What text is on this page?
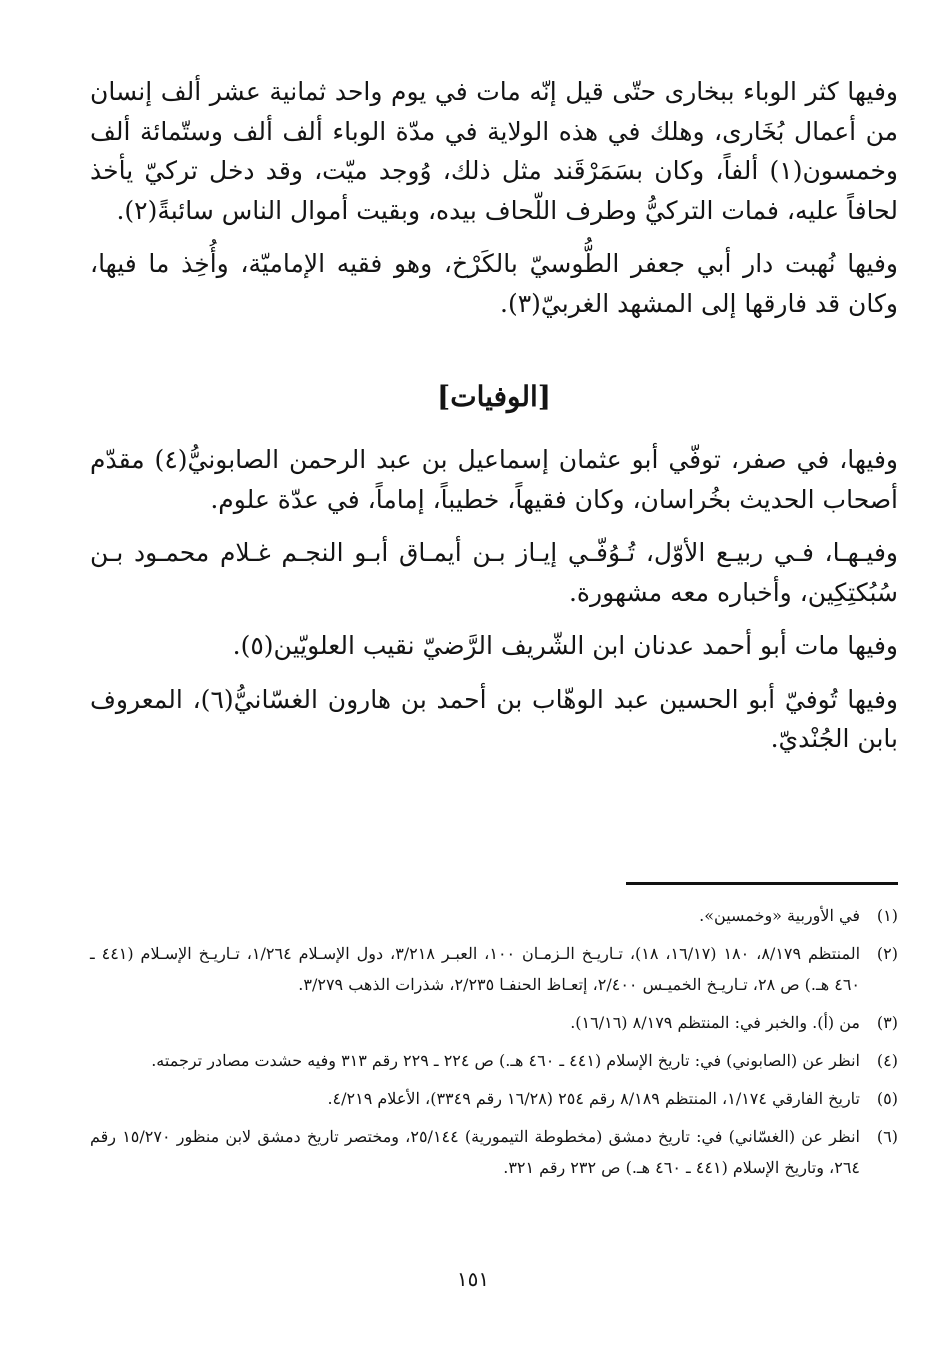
وفيها كثر الوباء ببخارى حتّى قيل إنّه مات في يوم واحد ثمانية عشر ألف إنسان من أعمال بُخَارى، وهلك في هذه الولاية في مدّة الوباء ألف ألف وستّمائة ألف وخمسون(١) ألفاً، وكان بسَمَرْقَند مثل ذلك، وُوجد ميّت، وقد دخل تركيّ يأخذ لحافاً عليه، فمات التركيُّ وطرف اللّحاف بيده، وبقيت أموال الناس سائبةً(٢).

وفيها نُهبت دار أبي جعفر الطُّوسيّ بالكَرْخ، وهو فقيه الإماميّة، وأُخِذ ما فيها، وكان قد فارقها إلى المشهد الغربيّ(٣).

[الوفيات]

وفيها، في صفر، توفّي أبو عثمان إسماعيل بن عبد الرحمن الصابونيُّ(٤) مقدّم أصحاب الحديث بخُراسان، وكان فقيهاً، خطيباً، إماماً، في عدّة علوم.

وفيـهـا، فـي ربيـع الأوّل، تُـوُفّـي إيـاز بـن أيمـاق أبـو النجـم غـلام محمـود بـن سُبُكتِكِين، وأخباره معه مشهورة.

وفيها مات أبو أحمد عدنان ابن الشّريف الرَّضيّ نقيب العلويّين(٥).

وفيها تُوفيّ أبو الحسين عبد الوهّاب بن أحمد بن هارون الغسّانيُّ(٦)، المعروف بابن الجُنْديّ.

(١)
في الأوربية «وخمسين».
(٢)
المنتظم ٨/١٧٩، ١٨٠ (١٦/١٧، ١٨)، تـاريـخ الـزمـان ١٠٠، العبـر ٣/٢١٨، دول الإسـلام ١/٢٦٤، تـاريـخ الإسـلام (٤٤١ ـ ٤٦٠ هـ.) ص ٢٨، تـاريـخ الخميـس ٢/٤٠٠، إتعـاظ الحنفـا ٢/٢٣٥، شذرات الذهب ٣/٢٧٩.
(٣)
من (أ). والخبر في: المنتظم ٨/١٧٩ (١٦/١٦).
(٤)
انظر عن (الصابوني) في: تاريخ الإسلام (٤٤١ ـ ٤٦٠ هـ.) ص ٢٢٤ ـ ٢٢٩ رقم ٣١٣ وفيه حشدت مصادر ترجمته.
(٥)
تاريخ الفارقي ١/١٧٤، المنتظم ٨/١٨٩ رقم ٢٥٤ (١٦/٢٨ رقم ٣٣٤٩)، الأعلام ٤/٢١٩.
(٦)
انظر عن (الغسّاني) في: تاريخ دمشق (مخطوطة التيمورية) ٢٥/١٤٤، ومختصر تاريخ دمشق لابن منظور ١٥/٢٧٠ رقم ٢٦٤، وتاريخ الإسلام (٤٤١ ـ ٤٦٠ هـ.) ص ٢٣٢ رقم ٣٢١.
١٥١
